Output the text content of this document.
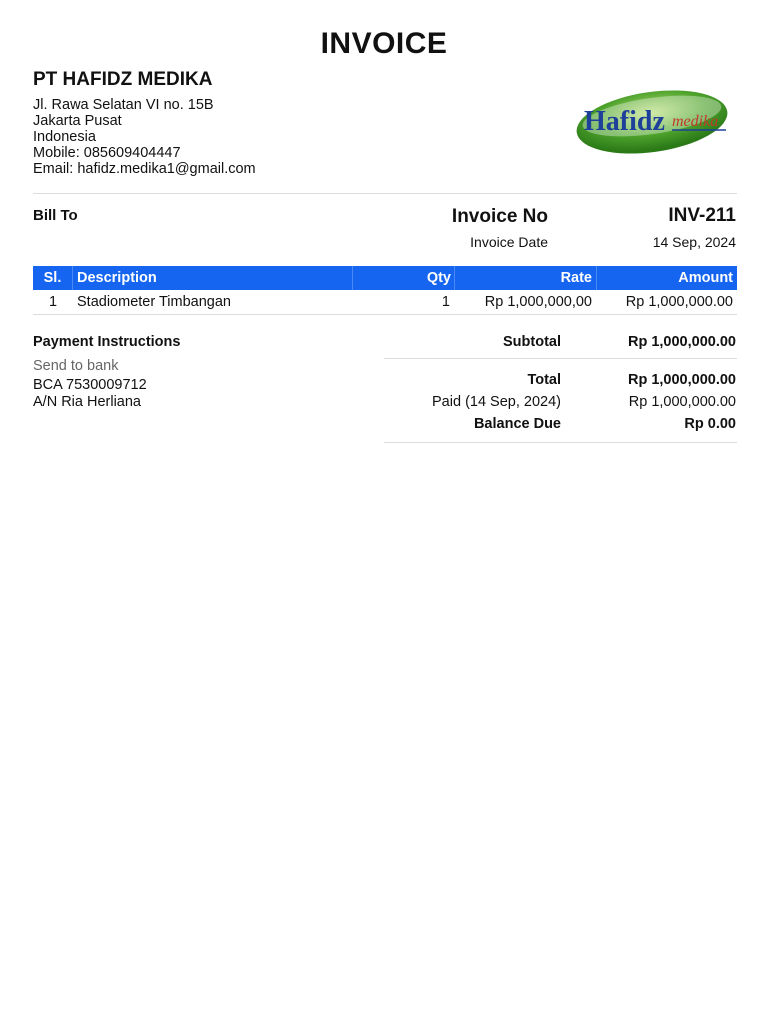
INVOICE
PT HAFIDZ MEDIKA
Jl. Rawa Selatan VI no. 15B
Jakarta Pusat
Indonesia
Mobile: 085609404447
Email: hafidz.medika1@gmail.com
Hafidz medika
Bill To	Invoice No	INV-211
Invoice Date	14 Sep, 2024
Sl.	Description	Qty	Rate	Amount
1	Stadiometer Timbangan	1	Rp 1,000,000,00	Rp 1,000,000.00
Payment Instructions
Send to bank
BCA 7530009712
A/N Ria Herliana
Subtotal	Rp 1,000,000.00
Total	Rp 1,000,000.00
Paid (14 Sep, 2024)	Rp 1,000,000.00
Balance Due	Rp 0.00
